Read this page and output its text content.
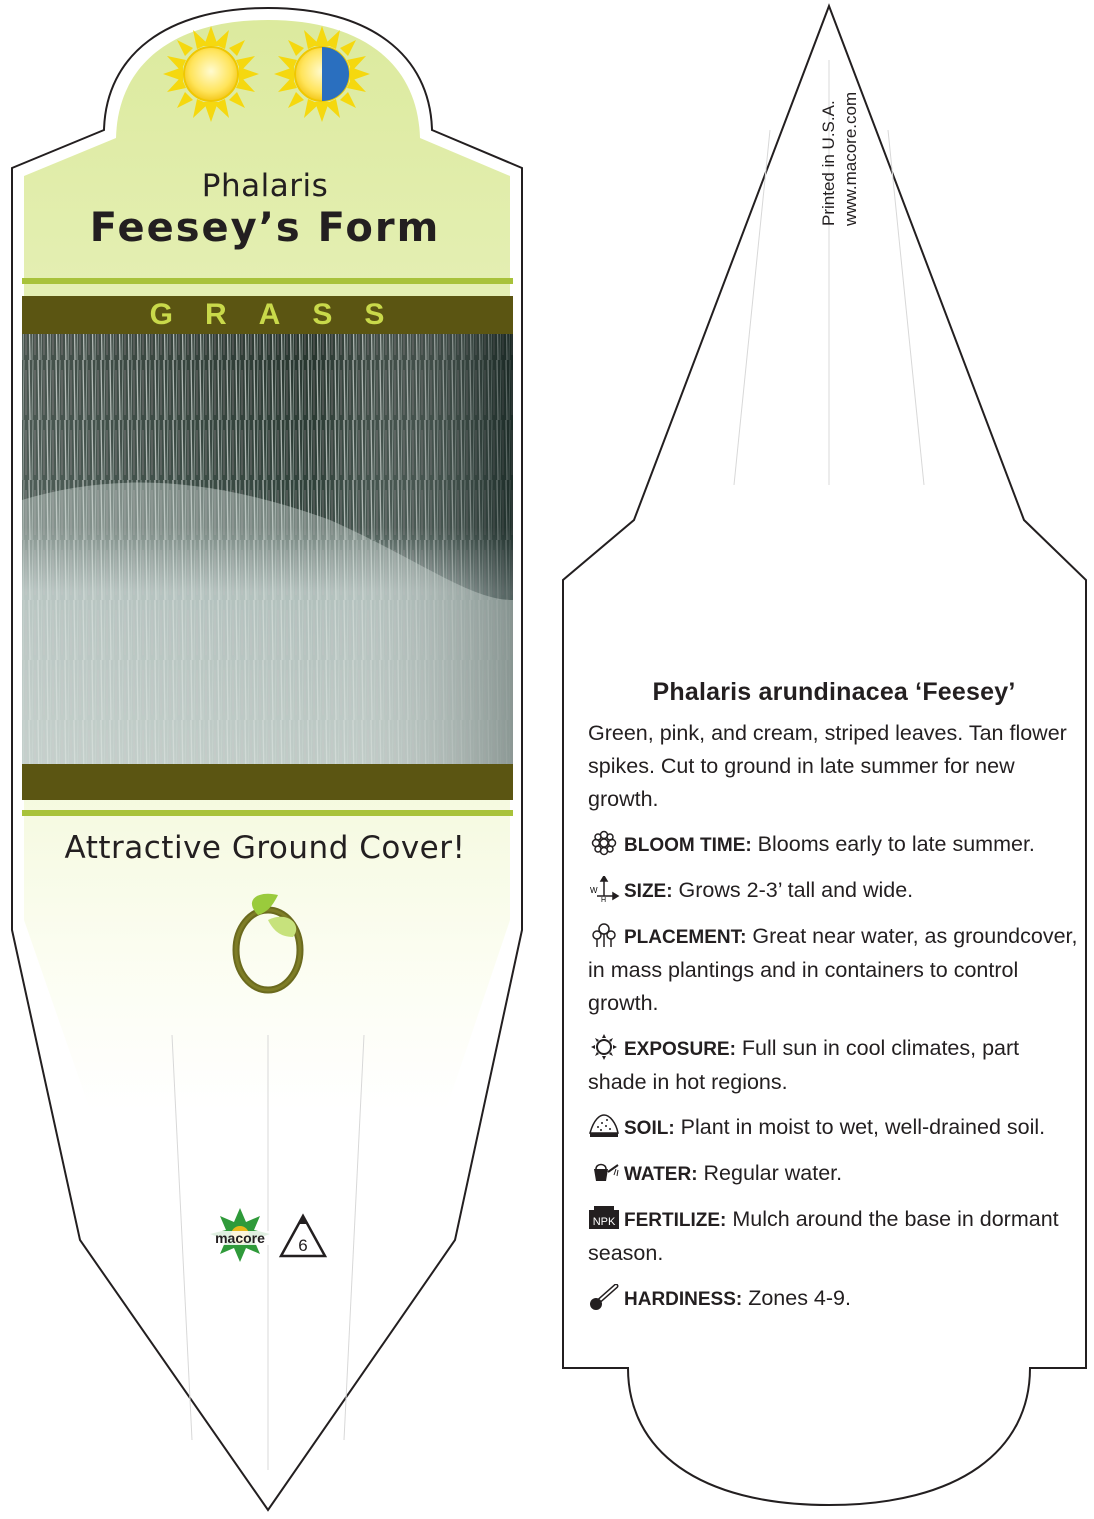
Phalaris
Feesey’s Form
GRASS
Attractive Ground Cover!
macore 6
Printed in U.S.A. www.macore.com
Phalaris arundinacea ‘Feesey’

Green, pink, and cream, striped leaves. Tan flower spikes. Cut to ground in late summer for new growth.

BLOOM TIME: Blooms early to late summer.

W
H SIZE: Grows 2-3’ tall and wide.

PLACEMENT: Great near water, as groundcover, in mass plantings and in containers to control growth.

EXPOSURE: Full sun in cool climates, part shade in hot regions.

SOIL: Plant in moist to wet, well-drained soil.

WATER: Regular water.

NPK FERTILIZE: Mulch around the base in dormant season.

HARDINESS: Zones 4-9.
